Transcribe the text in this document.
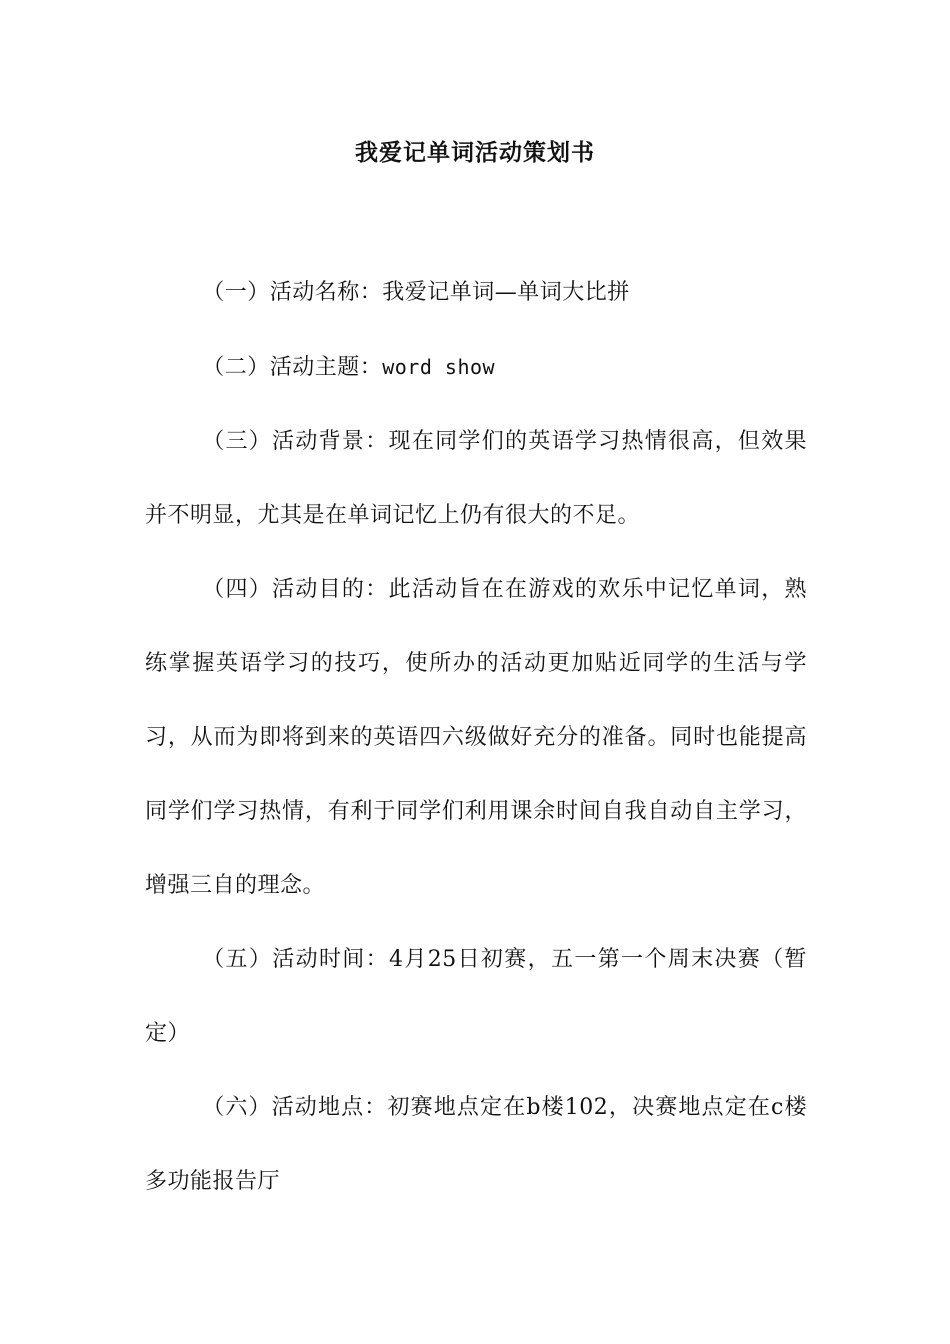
我爱记单词活动策划书

（一）活动名称：我爱记单词—单词大比拼

（二）活动主题：word show

（三）活动背景：现在同学们的英语学习热情很高，但效果并不明显，尤其是在单词记忆上仍有很大的不足。

（四）活动目的：此活动旨在在游戏的欢乐中记忆单词，熟练掌握英语学习的技巧，使所办的活动更加贴近同学的生活与学习，从而为即将到来的英语四六级做好充分的准备。同时也能提高同学们学习热情，有利于同学们利用课余时间自我自动自主学习，增强三自的理念。

（五）活动时间：4月25日初赛，五一第一个周末决赛（暂定）

（六）活动地点：初赛地点定在b楼102，决赛地点定在c楼多功能报告厅
